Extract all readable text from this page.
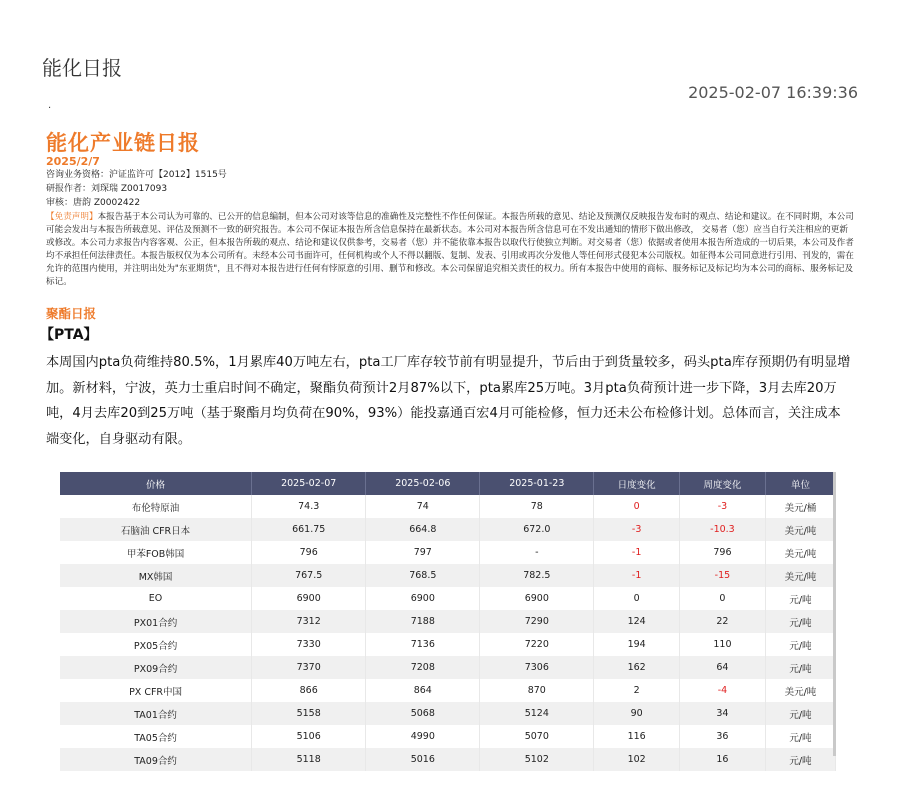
能化日报
2025-02-07 16:39:36
.
能化产业链日报
2025/2/7
咨询业务资格：沪证监许可【2012】1515号
研报作者：刘琛瑞 Z0017093
审核：唐韵 Z0002422
【免责声明】本报告基于本公司认为可靠的、已公开的信息编制，但本公司对该等信息的准确性及完整性不作任何保证。本报告所载的意见、结论及预测仅反映报告发布时的观点、结论和建议。在不同时期，本公司可能会发出与本报告所载意见、评估及预测不一致的研究报告。本公司不保证本报告所含信息保持在最新状态。本公司对本报告所含信息可在不发出通知的情形下做出修改， 交易者（您）应当自行关注相应的更新或修改。本公司力求报告内容客观、公正，但本报告所载的观点、结论和建议仅供参考，交易者（您）并不能依靠本报告以取代行使独立判断。对交易者（您）依据或者使用本报告所造成的一切后果，本公司及作者均不承担任何法律责任。本报告版权仅为本公司所有。未经本公司书面许可，任何机构或个人不得以翻版、复制、发表、引用或再次分发他人等任何形式侵犯本公司版权。如征得本公司同意进行引用、刊发的，需在允许的范围内使用，并注明出处为"东亚期货"，且不得对本报告进行任何有悖原意的引用、删节和修改。本公司保留追究相关责任的权力。所有本报告中使用的商标、服务标记及标记均为本公司的商标、服务标记及标记。
聚酯日报
【PTA】
本周国内pta负荷维持80.5%，1月累库40万吨左右，pta工厂库存较节前有明显提升，节后由于到货量较多，码头pta库存预期仍有明显增加。新材料，宁波，英力士重启时间不确定，聚酯负荷预计2月87%以下，pta累库25万吨。3月pta负荷预计进一步下降，3月去库20万吨，4月去库20到25万吨（基于聚酯月均负荷在90%，93%）能投嘉通百宏4月可能检修，恒力还未公布检修计划。总体而言，关注成本端变化，自身驱动有限。
价格	2025-02-07	2025-02-06	2025-01-23	日度变化	周度变化	单位
布伦特原油	74.3	74	78	0	-3	美元/桶
石脑油 CFR日本	661.75	664.8	672.0	-3	-10.3	美元/吨
甲苯FOB韩国	796	797	-	-1	796	美元/吨
MX韩国	767.5	768.5	782.5	-1	-15	美元/吨
EO	6900	6900	6900	0	0	元/吨
PX01合约	7312	7188	7290	124	22	元/吨
PX05合约	7330	7136	7220	194	110	元/吨
PX09合约	7370	7208	7306	162	64	元/吨
PX CFR中国	866	864	870	2	-4	美元/吨
TA01合约	5158	5068	5124	90	34	元/吨
TA05合约	5106	4990	5070	116	36	元/吨
TA09合约	5118	5016	5102	102	16	元/吨
